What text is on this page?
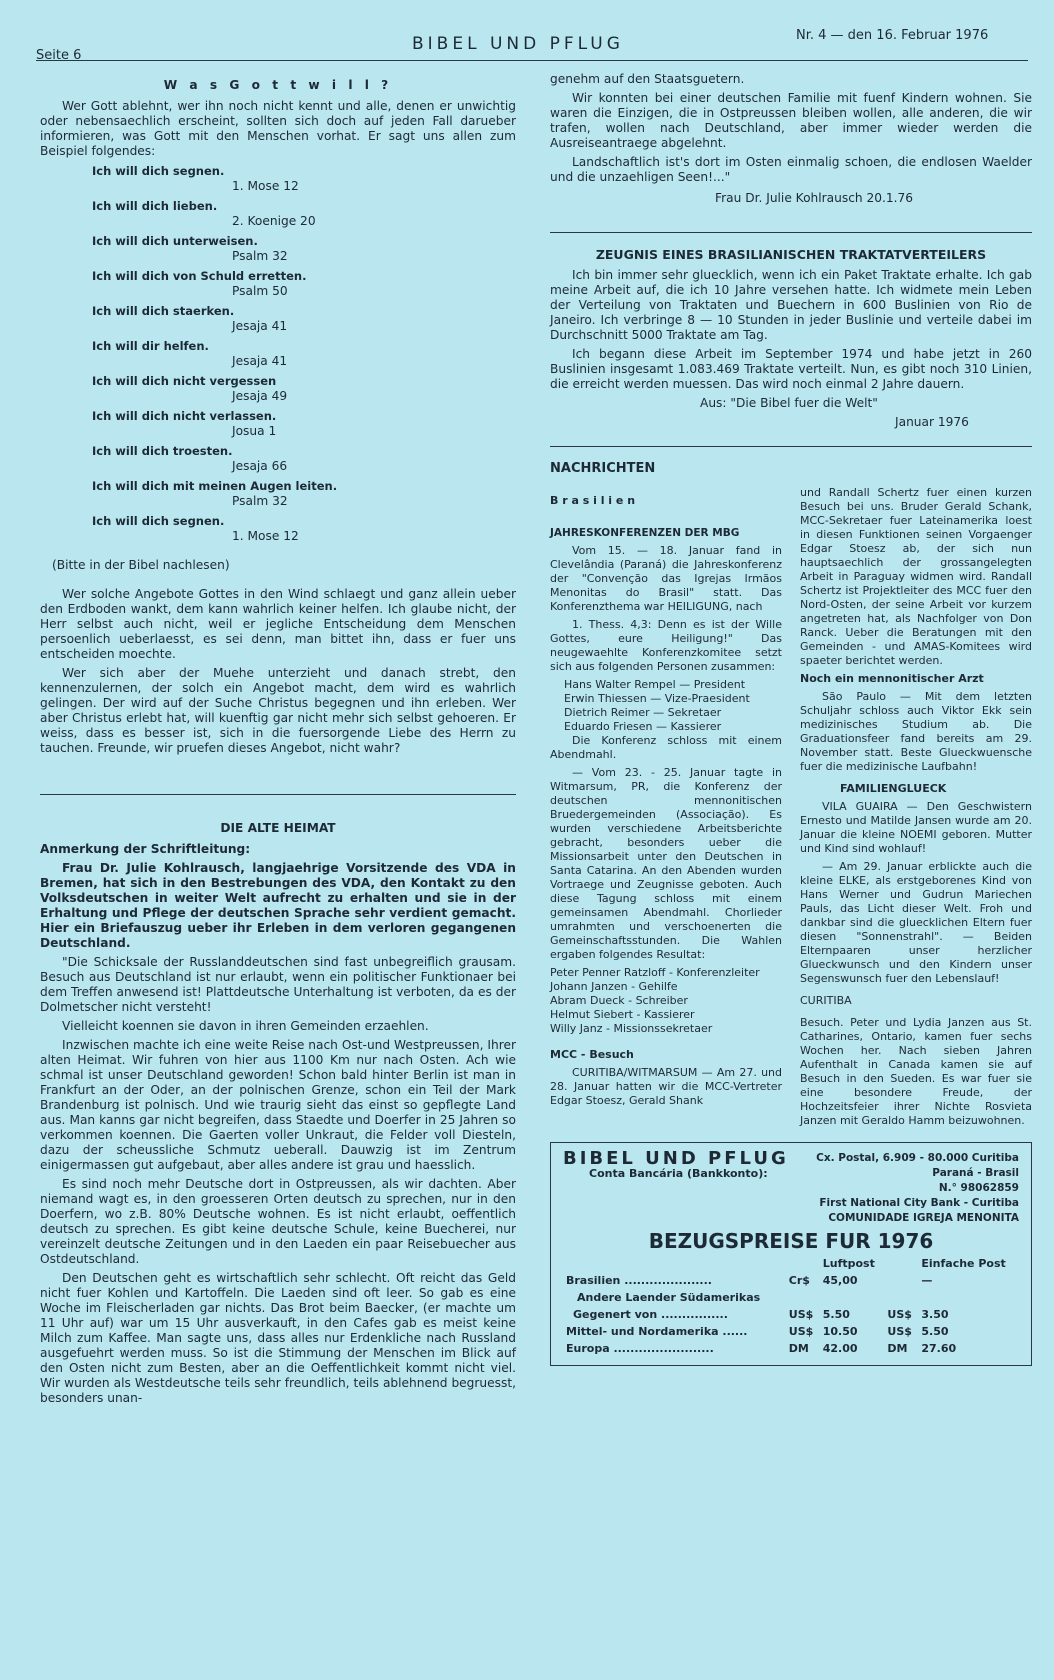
Seite 6
BIBEL UND PFLUG	Nr. 4 — den 16. Februar 1976
W a s G o t t w i l l ?

Wer Gott ablehnt, wer ihn noch nicht kennt und alle, denen er unwichtig oder nebensaechlich erscheint, sollten sich doch auf jeden Fall darueber informieren, was Gott mit den Menschen vorhat. Er sagt uns allen zum Beispiel folgendes:

Ich will dich segnen.
1. Mose 12
Ich will dich lieben.
2. Koenige 20
Ich will dich unterweisen.
Psalm 32
Ich will dich von Schuld erretten.
Psalm 50
Ich will dich staerken.
Jesaja 41
Ich will dir helfen.
Jesaja 41
Ich will dich nicht vergessen
Jesaja 49
Ich will dich nicht verlassen.
Josua 1
Ich will dich troesten.
Jesaja 66
Ich will dich mit meinen Augen leiten.
Psalm 32
Ich will dich segnen.
1. Mose 12

(Bitte in der Bibel nachlesen)

Wer solche Angebote Gottes in den Wind schlaegt und ganz allein ueber den Erdboden wankt, dem kann wahrlich keiner helfen. Ich glaube nicht, der Herr selbst auch nicht, weil er jegliche Entscheidung dem Menschen persoenlich ueberlaesst, es sei denn, man bittet ihn, dass er fuer uns entscheiden moechte.

Wer sich aber der Muehe unterzieht und danach strebt, den kennenzulernen, der solch ein Angebot macht, dem wird es wahrlich gelingen. Der wird auf der Suche Christus begegnen und ihn erleben. Wer aber Christus erlebt hat, will kuenftig gar nicht mehr sich selbst gehoeren. Er weiss, dass es besser ist, sich in die fuersorgende Liebe des Herrn zu tauchen. Freunde, wir pruefen dieses Angebot, nicht wahr?

DIE ALTE HEIMAT

Anmerkung der Schriftleitung:

Frau Dr. Julie Kohlrausch, langjaehrige Vorsitzende des VDA in Bremen, hat sich in den Bestrebungen des VDA, den Kontakt zu den Volksdeutschen in weiter Welt aufrecht zu erhalten und sie in der Erhaltung und Pflege der deutschen Sprache sehr verdient gemacht. Hier ein Briefauszug ueber ihr Erleben in dem verloren gegangenen Deutschland.

"Die Schicksale der Russlanddeutschen sind fast unbegreiflich grausam. Besuch aus Deutschland ist nur erlaubt, wenn ein politischer Funktionaer bei dem Treffen anwesend ist! Plattdeutsche Unterhaltung ist verboten, da es der Dolmetscher nicht versteht!

Vielleicht koennen sie davon in ihren Gemeinden erzaehlen.

Inzwischen machte ich eine weite Reise nach Ost-und Westpreussen, Ihrer alten Heimat. Wir fuhren von hier aus 1100 Km nur nach Osten. Ach wie schmal ist unser Deutschland geworden! Schon bald hinter Berlin ist man in Frankfurt an der Oder, an der polnischen Grenze, schon ein Teil der Mark Brandenburg ist polnisch. Und wie traurig sieht das einst so gepflegte Land aus. Man kanns gar nicht begreifen, dass Staedte und Doerfer in 25 Jahren so verkommen koennen. Die Gaerten voller Unkraut, die Felder voll Diesteln, dazu der scheussliche Schmutz ueberall. Dauwzig ist im Zentrum einigermassen gut aufgebaut, aber alles andere ist grau und haesslich.

Es sind noch mehr Deutsche dort in Ostpreussen, als wir dachten. Aber niemand wagt es, in den groesseren Orten deutsch zu sprechen, nur in den Doerfern, wo z.B. 80% Deutsche wohnen. Es ist nicht erlaubt, oeffentlich deutsch zu sprechen. Es gibt keine deutsche Schule, keine Buecherei, nur vereinzelt deutsche Zeitungen und in den Laeden ein paar Reisebuecher aus Ostdeutschland.

Den Deutschen geht es wirtschaftlich sehr schlecht. Oft reicht das Geld nicht fuer Kohlen und Kartoffeln. Die Laeden sind oft leer. So gab es eine Woche im Fleischerladen gar nichts. Das Brot beim Baecker, (er machte um 11 Uhr auf) war um 15 Uhr ausverkauft, in den Cafes gab es meist keine Milch zum Kaffee. Man sagte uns, dass alles nur Erdenkliche nach Russland ausgefuehrt werden muss. So ist die Stimmung der Menschen im Blick auf den Osten nicht zum Besten, aber an die Oeffentlichkeit kommt nicht viel. Wir wurden als Westdeutsche teils sehr freundlich, teils ablehnend begruesst, besonders unan-

genehm auf den Staatsguetern.

Wir konnten bei einer deutschen Familie mit fuenf Kindern wohnen. Sie waren die Einzigen, die in Ostpreussen bleiben wollen, alle anderen, die wir trafen, wollen nach Deutschland, aber immer wieder werden die Ausreiseantraege abgelehnt.

Landschaftlich ist's dort im Osten einmalig schoen, die endlosen Waelder und die unzaehligen Seen!..."

Frau Dr. Julie Kohlrausch 20.1.76

ZEUGNIS EINES BRASILIANISCHEN TRAKTATVERTEILERS

Ich bin immer sehr gluecklich, wenn ich ein Paket Traktate erhalte. Ich gab meine Arbeit auf, die ich 10 Jahre versehen hatte. Ich widmete mein Leben der Verteilung von Traktaten und Buechern in 600 Buslinien von Rio de Janeiro. Ich verbringe 8 — 10 Stunden in jeder Buslinie und verteile dabei im Durchschnitt 5000 Traktate am Tag.

Ich begann diese Arbeit im September 1974 und habe jetzt in 260 Buslinien insgesamt 1.083.469 Traktate verteilt. Nun, es gibt noch 310 Linien, die erreicht werden muessen. Das wird noch einmal 2 Jahre dauern.

Aus: "Die Bibel fuer die Welt"

Januar 1976

NACHRICHTEN

B r a s i l i e n

JAHRESKONFERENZEN DER MBG

Vom 15. — 18. Januar fand in Clevelândia (Paraná) die Jahreskonferenz der "Convenção das Igrejas Irmãos Menonitas do Brasil" statt. Das Konferenzthema war HEILIGUNG, nach

1. Thess. 4,3: Denn es ist der Wille Gottes, eure Heiligung!" Das neugewaehlte Konferenzkomitee setzt sich aus folgenden Personen zusammen:

Hans Walter Rempel — President
Erwin Thiessen — Vize-Praesident
Dietrich Reimer — Sekretaer
Eduardo Friesen — Kassierer

Die Konferenz schloss mit einem Abendmahl.

— Vom 23. - 25. Januar tagte in Witmarsum, PR, die Konferenz der deutschen mennonitischen Bruedergemeinden (Associação). Es wurden verschiedene Arbeitsberichte gebracht, besonders ueber die Missionsarbeit unter den Deutschen in Santa Catarina. An den Abenden wurden Vortraege und Zeugnisse geboten. Auch diese Tagung schloss mit einem gemeinsamen Abendmahl. Chorlieder umrahmten und verschoenerten die Gemeinschaftsstunden. Die Wahlen ergaben folgendes Resultat:

Peter Penner Ratzloff - Konferenzleiter
Johann Janzen - Gehilfe
Abram Dueck - Schreiber
Helmut Siebert - Kassierer
Willy Janz - Missionssekretaer

MCC - Besuch

CURITIBA/WITMARSUM — Am 27. und 28. Januar hatten wir die MCC-Vertreter Edgar Stoesz, Gerald Shank

und Randall Schertz fuer einen kurzen Besuch bei uns. Bruder Gerald Schank, MCC-Sekretaer fuer Lateinamerika loest in diesen Funktionen seinen Vorgaenger Edgar Stoesz ab, der sich nun hauptsaechlich der grossangelegten Arbeit in Paraguay widmen wird. Randall Schertz ist Projektleiter des MCC fuer den Nord-Osten, der seine Arbeit vor kurzem angetreten hat, als Nachfolger von Don Ranck. Ueber die Beratungen mit den Gemeinden - und AMAS-Komitees wird spaeter berichtet werden.

Noch ein mennonitischer Arzt

São Paulo — Mit dem letzten Schuljahr schloss auch Viktor Ekk sein medizinisches Studium ab. Die Graduationsfeer fand bereits am 29. November statt. Beste Glueckwuensche fuer die medizinische Laufbahn!

FAMILIENGLUECK

VILA GUAIRA — Den Geschwistern Ernesto und Matilde Jansen wurde am 20. Januar die kleine NOEMI geboren. Mutter und Kind sind wohlauf!

— Am 29. Januar erblickte auch die kleine ELKE, als erstgeborenes Kind von Hans Werner und Gudrun Mariechen Pauls, das Licht dieser Welt. Froh und dankbar sind die gluecklichen Eltern fuer diesen "Sonnenstrahl". — Beiden Elternpaaren unser herzlicher Glueckwunsch und den Kindern unser Segenswunsch fuer den Lebenslauf!

CURITIBA

Besuch. Peter und Lydia Janzen aus St. Catharines, Ontario, kamen fuer sechs Wochen her. Nach sieben Jahren Aufenthalt in Canada kamen sie auf Besuch in den Sueden. Es war fuer sie eine besondere Freude, der Hochzeitsfeier ihrer Nichte Rosvieta Janzen mit Geraldo Hamm beizuwohnen.

BIBEL UND PFLUG
Conta Bancária (Bankkonto):
Cx. Postal, 6.909 - 80.000 Curitiba
Paraná - Brasil
N.° 98062859
First National City Bank - Curitiba
COMUNIDADE IGREJA MENONITA
BEZUGSPREISE FUR 1976
		Luftpost		Einfache Post
Brasilien .....................	Cr$	45,00		—
Andere Laender Südamerikas				
Gegenert von ................	US$	5.50	US$	3.50
Mittel- und Nordamerika ......	US$	10.50	US$	5.50
Europa ........................	DM	42.00	DM	27.60
